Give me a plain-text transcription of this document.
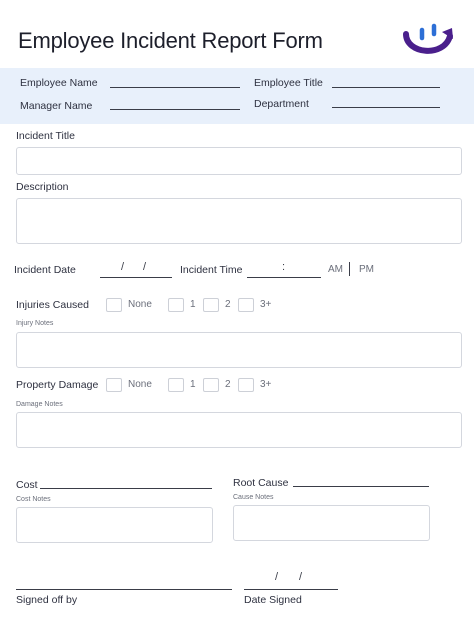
Employee Incident Report Form
Employee Name	Employee Title
Manager Name	Department
Incident Title
Description
Incident Date	/ /	Incident Time	:	AM PM
Injuries Caused	None	1	2	3+
Injury Notes
Property Damage	None	1	2	3+
Damage Notes
Cost
Cost Notes
Root Cause
Cause Notes
Signed off by
/ /
Date Signed
